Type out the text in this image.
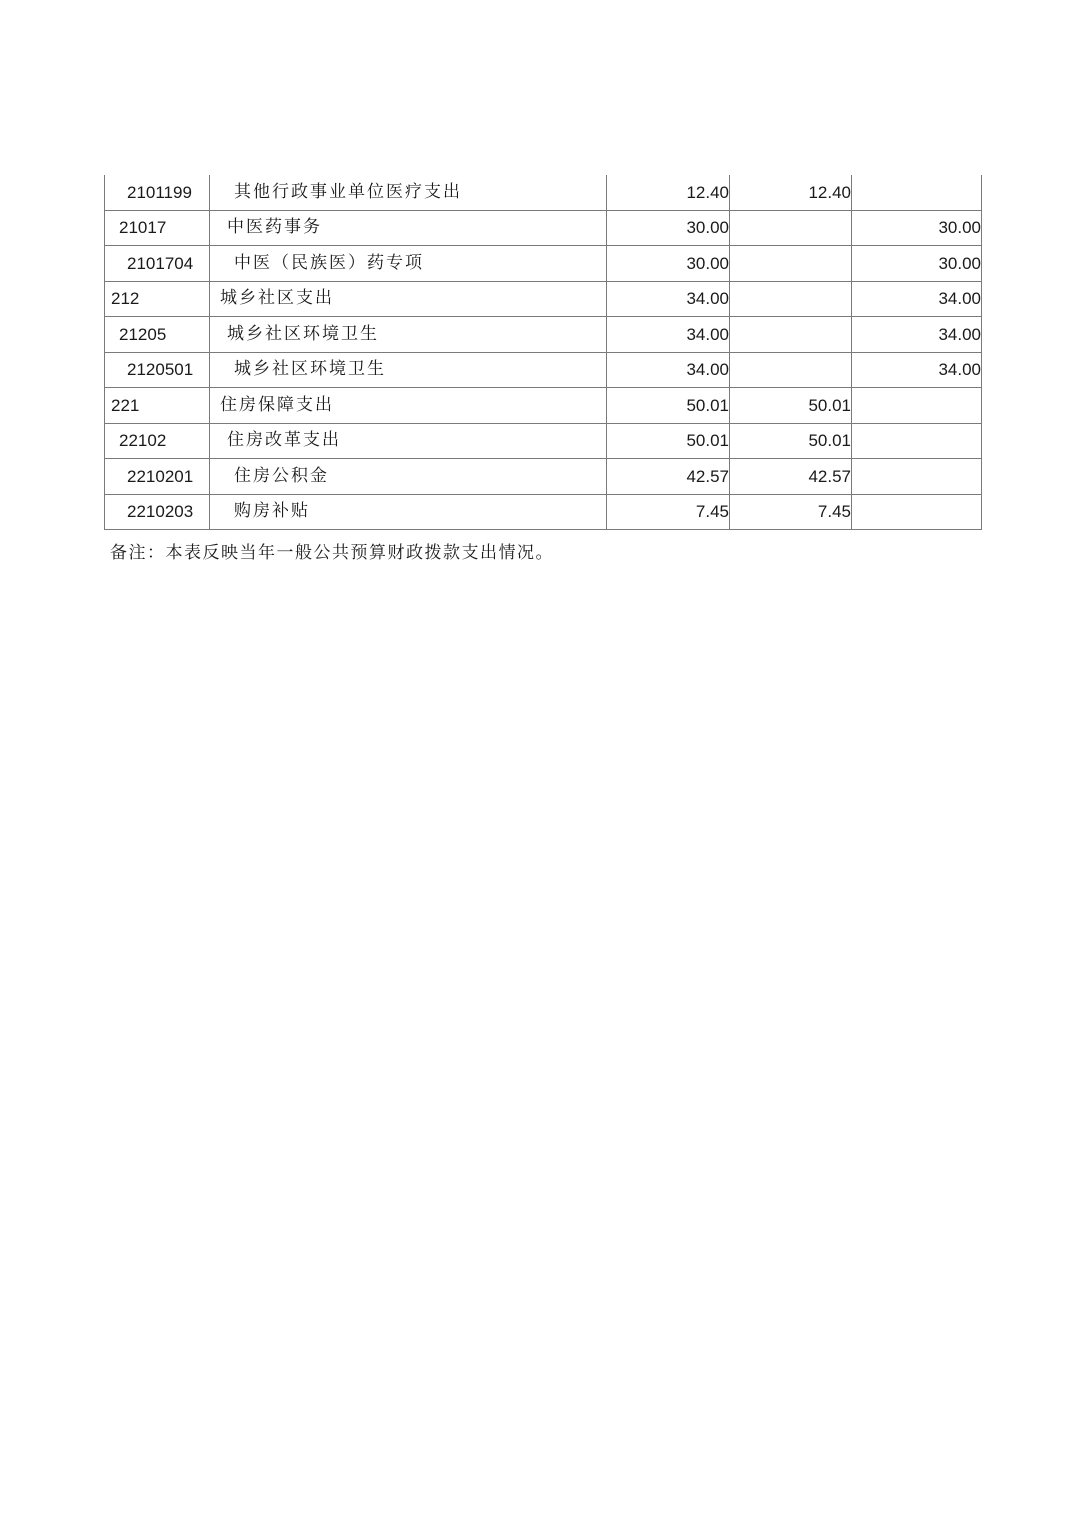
2101199	其他行政事业单位医疗支出	12.40	12.40	
21017	中医药事务	30.00		30.00
2101704	中医（民族医）药专项	30.00		30.00
212	城乡社区支出	34.00		34.00
21205	城乡社区环境卫生	34.00		34.00
2120501	城乡社区环境卫生	34.00		34.00
221	住房保障支出	50.01	50.01	
22102	住房改革支出	50.01	50.01	
2210201	住房公积金	42.57	42.57	
2210203	购房补贴	7.45	7.45	
备注：本表反映当年一般公共预算财政拨款支出情况。
